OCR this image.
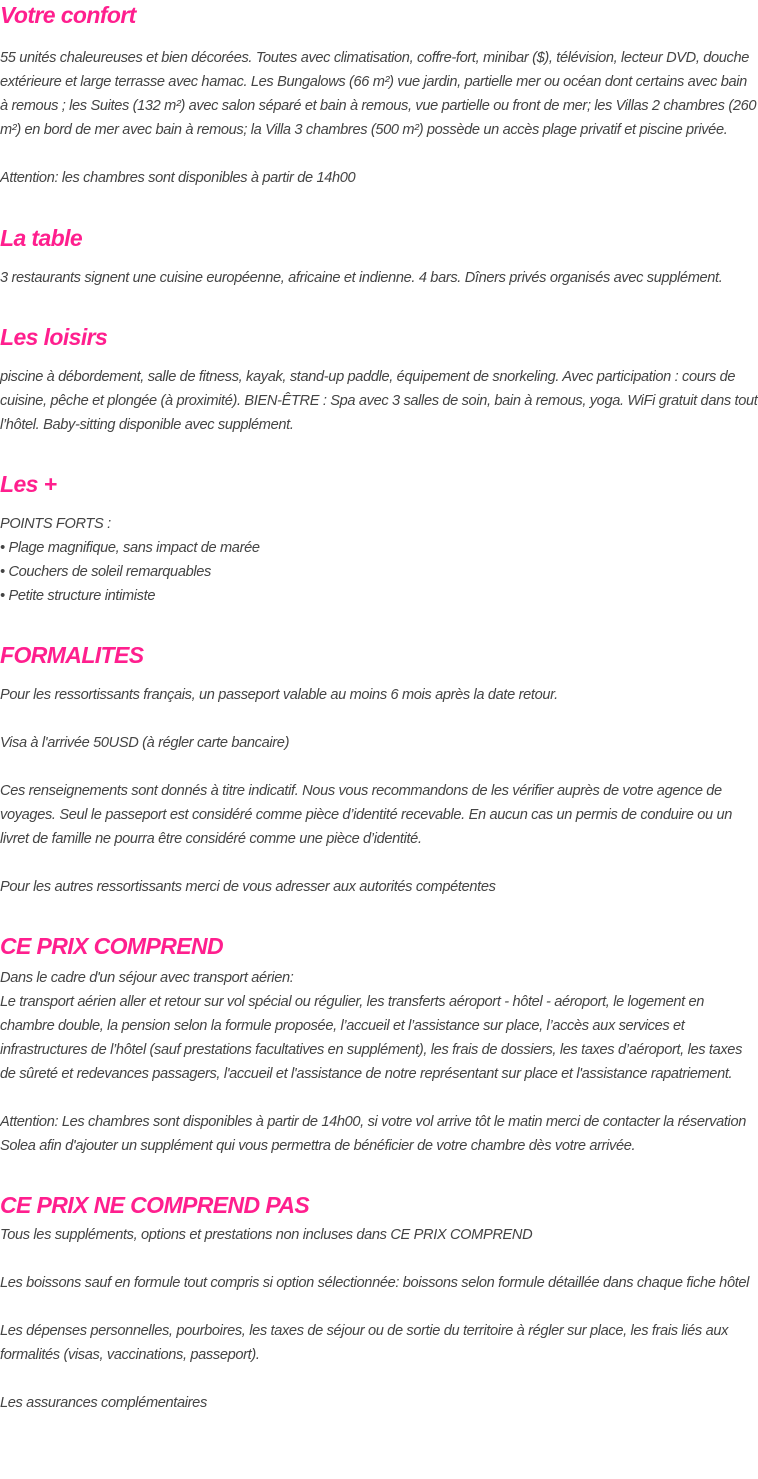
Votre confort

55 unités chaleureuses et bien décorées. Toutes avec climatisation, coffre-fort, minibar ($), télévision, lecteur DVD, douche extérieure et large terrasse avec hamac. Les Bungalows (66 m²) vue jardin, partielle mer ou océan dont certains avec bain à remous ; les Suites (132 m²) avec salon séparé et bain à remous, vue partielle ou front de mer; les Villas 2 chambres (260 m²) en bord de mer avec bain à remous; la Villa 3 chambres (500 m²) possède un accès plage privatif et piscine privée.

Attention: les chambres sont disponibles à partir de 14h00

La table

3 restaurants signent une cuisine européenne, africaine et indienne. 4 bars. Dîners privés organisés avec supplément.

Les loisirs

piscine à débordement, salle de fitness, kayak, stand-up paddle, équipement de snorkeling. Avec participation : cours de cuisine, pêche et plongée (à proximité). BIEN-ÊTRE : Spa avec 3 salles de soin, bain à remous, yoga. WiFi gratuit dans tout l’hôtel. Baby-sitting disponible avec supplément.

Les +

POINTS FORTS :

• Plage magnifique, sans impact de marée

• Couchers de soleil remarquables

• Petite structure intimiste

FORMALITES

Pour les ressortissants français, un passeport valable au moins 6 mois après la date retour.

Visa à l'arrivée 50USD (à régler carte bancaire)

Ces renseignements sont donnés à titre indicatif. Nous vous recommandons de les vérifier auprès de votre agence de voyages. Seul le passeport est considéré comme pièce d’identité recevable. En aucun cas un permis de conduire ou un livret de famille ne pourra être considéré comme une pièce d’identité.

Pour les autres ressortissants merci de vous adresser aux autorités compétentes

CE PRIX COMPREND

Dans le cadre d'un séjour avec transport aérien:

Le transport aérien aller et retour sur vol spécial ou régulier, les transferts aéroport - hôtel - aéroport, le logement en chambre double, la pension selon la formule proposée, l’accueil et l’assistance sur place, l’accès aux services et infrastructures de l’hôtel (sauf prestations facultatives en supplément), les frais de dossiers, les taxes d’aéroport, les taxes de sûreté et redevances passagers, l'accueil et l'assistance de notre représentant sur place et l'assistance rapatriement.

Attention: Les chambres sont disponibles à partir de 14h00, si votre vol arrive tôt le matin merci de contacter la réservation Solea afin d'ajouter un supplément qui vous permettra de bénéficier de votre chambre dès votre arrivée.

CE PRIX NE COMPREND PAS

Tous les suppléments, options et prestations non incluses dans CE PRIX COMPREND

Les boissons sauf en formule tout compris si option sélectionnée: boissons selon formule détaillée dans chaque fiche hôtel

Les dépenses personnelles, pourboires, les taxes de séjour ou de sortie du territoire à régler sur place, les frais liés aux formalités (visas, vaccinations, passeport).

Les assurances complémentaires
